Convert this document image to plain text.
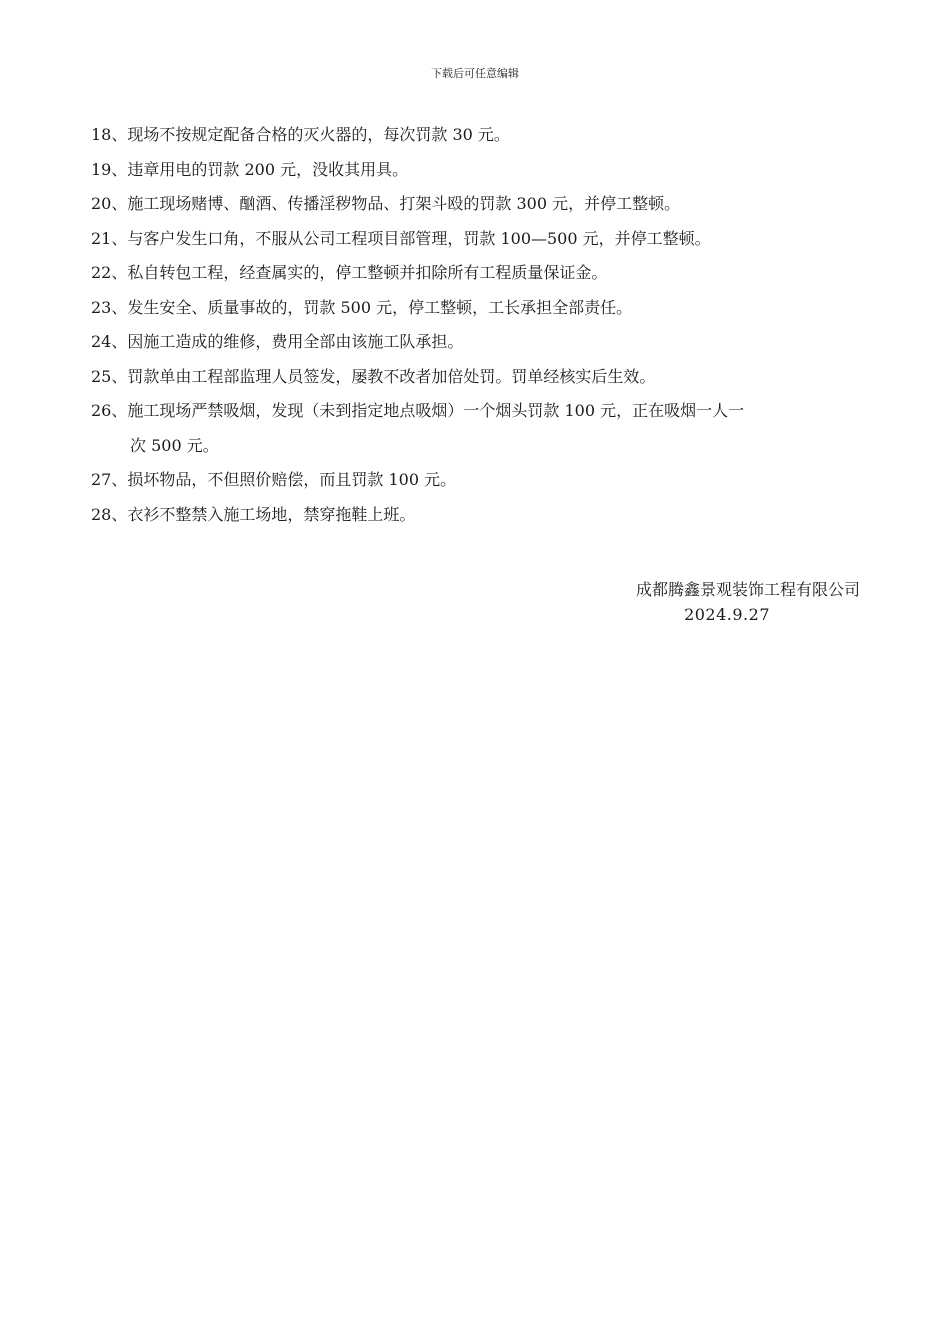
下载后可任意编辑
18、现场不按规定配备合格的灭火器的，每次罚款 30 元。
19、违章用电的罚款 200 元，没收其用具。
20、施工现场赌博、酗酒、传播淫秽物品、打架斗殴的罚款 300 元，并停工整顿。
21、与客户发生口角，不服从公司工程项目部管理，罚款 100—500 元，并停工整顿。
22、私自转包工程，经查属实的，停工整顿并扣除所有工程质量保证金。
23、发生安全、质量事故的，罚款 500 元，停工整顿，工长承担全部责任。
24、因施工造成的维修，费用全部由该施工队承担。
25、罚款单由工程部监理人员签发，屡教不改者加倍处罚。罚单经核实后生效。
26、施工现场严禁吸烟，发现（未到指定地点吸烟）一个烟头罚款 100 元，正在吸烟一人一
次 500 元。
27、损坏物品，不但照价赔偿，而且罚款 100 元。
28、衣衫不整禁入施工场地，禁穿拖鞋上班。
成都腾鑫景观装饰工程有限公司

2024.9.27
